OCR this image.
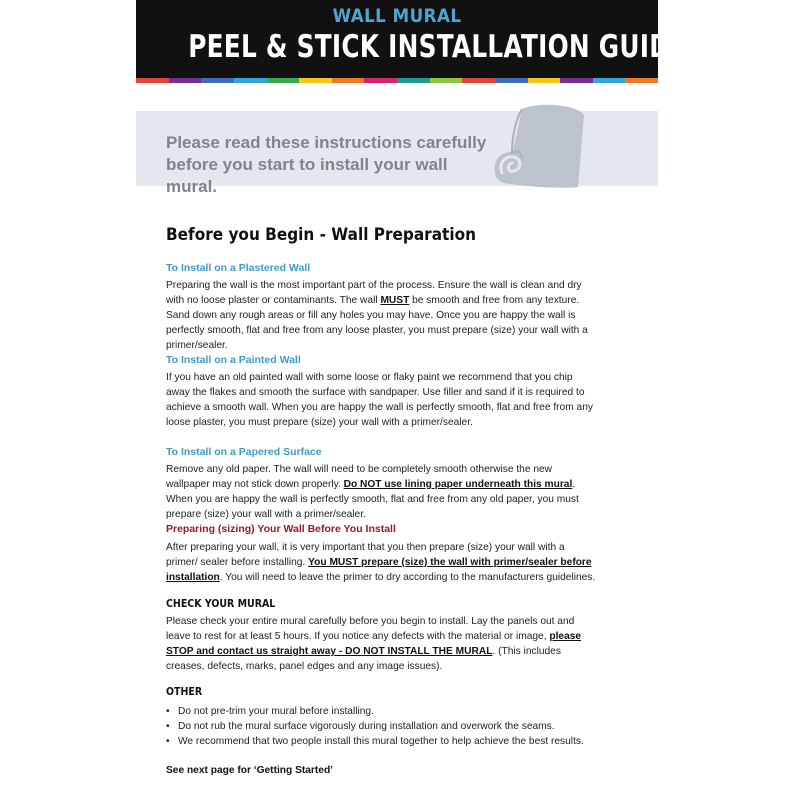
WALL MURAL
PEEL & STICK INSTALLATION GUIDE
Please read these instructions carefully
before you start to install your wall mural.
Before you Begin - Wall Preparation
To Install on a Plastered Wall
Preparing the wall is the most important part of the process. Ensure the wall is clean and dry with no loose plaster or contaminants. The wall MUST be smooth and free from any texture. Sand down any rough areas or fill any holes you may have. Once you are happy the wall is perfectly smooth, flat and free from any loose plaster, you must prepare (size) your wall with a primer/sealer.
To Install on a Painted Wall
If you have an old painted wall with some loose or flaky paint we recommend that you chip away the flakes and smooth the surface with sandpaper. Use filler and sand if it is required to achieve a smooth wall. When you are happy the wall is perfectly smooth, flat and free from any loose plaster, you must prepare (size) your wall with a primer/sealer.
To Install on a Papered Surface
Remove any old paper. The wall will need to be completely smooth otherwise the new wallpaper may not stick down properly. Do NOT use lining paper underneath this mural. When you are happy the wall is perfectly smooth, flat and free from any old paper, you must prepare (size) your wall with a primer/sealer.
Preparing (sizing) Your Wall Before You Install
After preparing your wall, it is very important that you then prepare (size) your wall with a primer/ sealer before installing. You MUST prepare (size) the wall with primer/sealer before installation. You will need to leave the primer to dry according to the manufacturers guidelines.
CHECK YOUR MURAL
Please check your entire mural carefully before you begin to install. Lay the panels out and leave to rest for at least 5 hours. If you notice any defects with the material or image, please STOP and contact us straight away - DO NOT INSTALL THE MURAL. (This includes creases, defects, marks, panel edges and any image issues).
OTHER
• Do not pre-trim your mural before installing.
• Do not rub the mural surface vigorously during installation and overwork the seams.
• We recommend that two people install this mural together to help achieve the best results.
See next page for ‘Getting Started’
